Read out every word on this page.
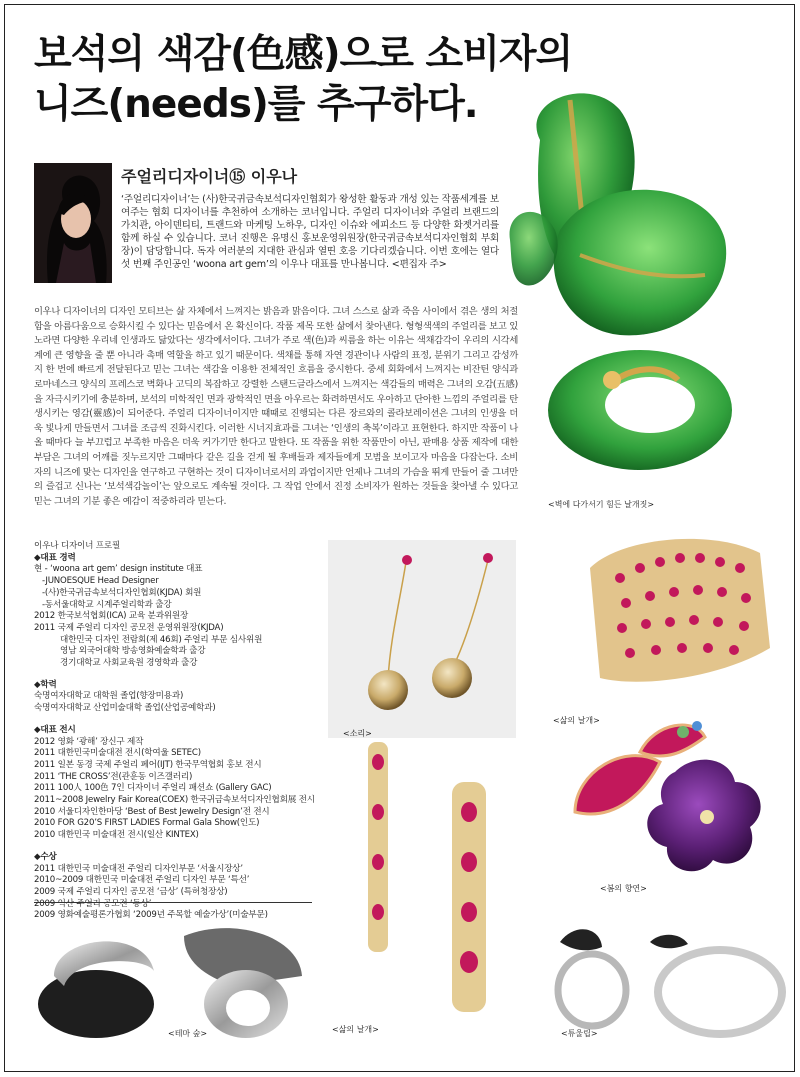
보석의 색감(色感)으로 소비자의
니즈(needs)를 추구하다.
<벽에 다가서기 힘든 날개짓>
주얼리디자이너⑮ 이우나
‘주얼리디자이너’는 (사)한국귀금속보석디자인협회가 왕성한 활동과 개성 있는 작품세계를 보여주는 협회 디자이너를 추천하여 소개하는 코너입니다. 주얼리 디자이너와 주얼리 브랜드의 가치관, 아이덴티티, 트랜드와 마케팅 노하우, 디자인 이슈와 에피소드 등 다양한 화젯거리를 함께 하실 수 있습니다. 코너 진행은 유명신 홍보운영위원장(한국귀금속보석디자인협회 부회장)이 담당합니다. 독자 여러분의 지대한 관심과 열띤 호응 기다리겠습니다. 이번 호에는 열다섯 번째 주인공인 ‘woona art gem’의 이우나 대표를 만나봅니다. <편집자 주>
이우나 디자이너의 디자인 모티브는 삶 자체에서 느껴지는 밝음과 맑음이다. 그녀 스스로 삶과 죽음 사이에서 겪은 생의 처절함을 아름다움으로 승화시킬 수 있다는 믿음에서 온 확신이다. 작품 제목 또한 삶에서 찾아낸다. 형형색색의 주얼리를 보고 있노라면 다양한 우리네 인생과도 닮았다는 생각에서이다. 그녀가 주로 색(色)과 씨름을 하는 이유는 색채감각이 우리의 시각세계에 큰 영향을 줄 뿐 아니라 촉매 역할을 하고 있기 때문이다. 색채를 통해 자연 경관이나 사람의 표정, 분위기 그리고 감성까지 한 번에 빠르게 전달된다고 믿는 그녀는 색감을 이용한 전체적인 흐름을 중시한다. 중세 회화에서 느껴지는 비잔틴 양식과 로마네스크 양식의 프레스코 벽화나 고딕의 복잡하고 강렬한 스탠드글라스에서 느껴지는 색감들의 매력은 그녀의 오감(五感)을 자극시키기에 충분하며, 보석의 미학적인 면과 광학적인 면을 아우르는 화려하면서도 우아하고 단아한 느낌의 주얼리를 탄생시키는 영감(靈感)이 되어준다. 주얼리 디자이너이지만 때때로 진행되는 다른 장르와의 콜라보레이션은 그녀의 인생을 더욱 빛나게 만들면서 그녀를 조금씩 진화시킨다. 이러한 시너지효과를 그녀는 ‘인생의 축복’이라고 표현한다. 하지만 작품이 나올 때마다 늘 부끄럽고 부족한 마음은 더욱 커가기만 한다고 말한다. 또 작품을 위한 작품만이 아닌, 판매용 상품 제작에 대한 부담은 그녀의 어깨를 짓누르지만 그때마다 같은 길을 걷게 될 후배들과 제자들에게 모범을 보이고자 마음을 다잡는다. 소비자의 니즈에 맞는 디자인을 연구하고 구현하는 것이 디자이너로서의 과업이지만 언제나 그녀의 가슴을 뛰게 만들어 줄 그녀만의 즐겁고 신나는 ‘보석색감놀이’는 앞으로도 계속될 것이다. 그 작업 안에서 진정 소비자가 원하는 것들을 찾아낼 수 있다고 믿는 그녀의 기분 좋은 예감이 적중하리라 믿는다.
이우나 디자이너 프로필
◆대표 경력
현 - ‘woona art gem’ design institute 대표
-JUNOESQUE Head Designer
-(사)한국귀금속보석디자인협회(KJDA) 회원
-동서울대학교 시계주얼리학과 출강
2012 한국보석협회(ICA) 교육 분과위원장
2011 국제 주얼리 디자인 공모전 운영위원장(KJDA)
대한민국 디자인 전람회(제 46회) 주얼리 부문 심사위원
영남 외국어대학 방송영화예술학과 출강
경기대학교 사회교육원 경영학과 출강
◆학력
숙명여자대학교 대학원 졸업(향장미용과)
숙명여자대학교 산업미술대학 졸업(산업공예학과)
◆대표 전시
2012 영화 ‘광해’ 장신구 제작
2011 대한민국미술대전 전시(학여울 SETEC)
2011 일본 동경 국제 주얼리 페어(IJT) 한국무역협회 홍보 전시
2011 ‘THE CROSS’전(관훈동 이즈갤러리)
2011 100人 100色 7인 디자이너 주얼리 패션쇼 (Gallery GAC)
2011~2008 Jewelry Fair Korea(COEX) 한국귀금속보석디자인협회展 전시
2010 서울디자인한마당 ‘Best of Best Jewelry Design’전 전시
2010 FOR G20’S FIRST LADIES Formal Gala Show(인도)
2010 대한민국 미술대전 전시(일산 KINTEX)
◆수상
2011 대한민국 미술대전 주얼리 디자인부문 ‘서울시장상’
2010~2009 대한민국 미술대전 주얼리 디자인 부문 ‘특선’
2009 국제 주얼리 디자인 공모전 ‘금상’ (특허청장상)
2009 익산 주얼리 공모전 ‘동상’
2009 영화예술평론가협회 ‘2009년 주목할 예술가상’(미술부문)
<소리>
<삶의 날개>
<봄의 향연>
<삶의 날개>
<테마 숲>	<튜울립>
